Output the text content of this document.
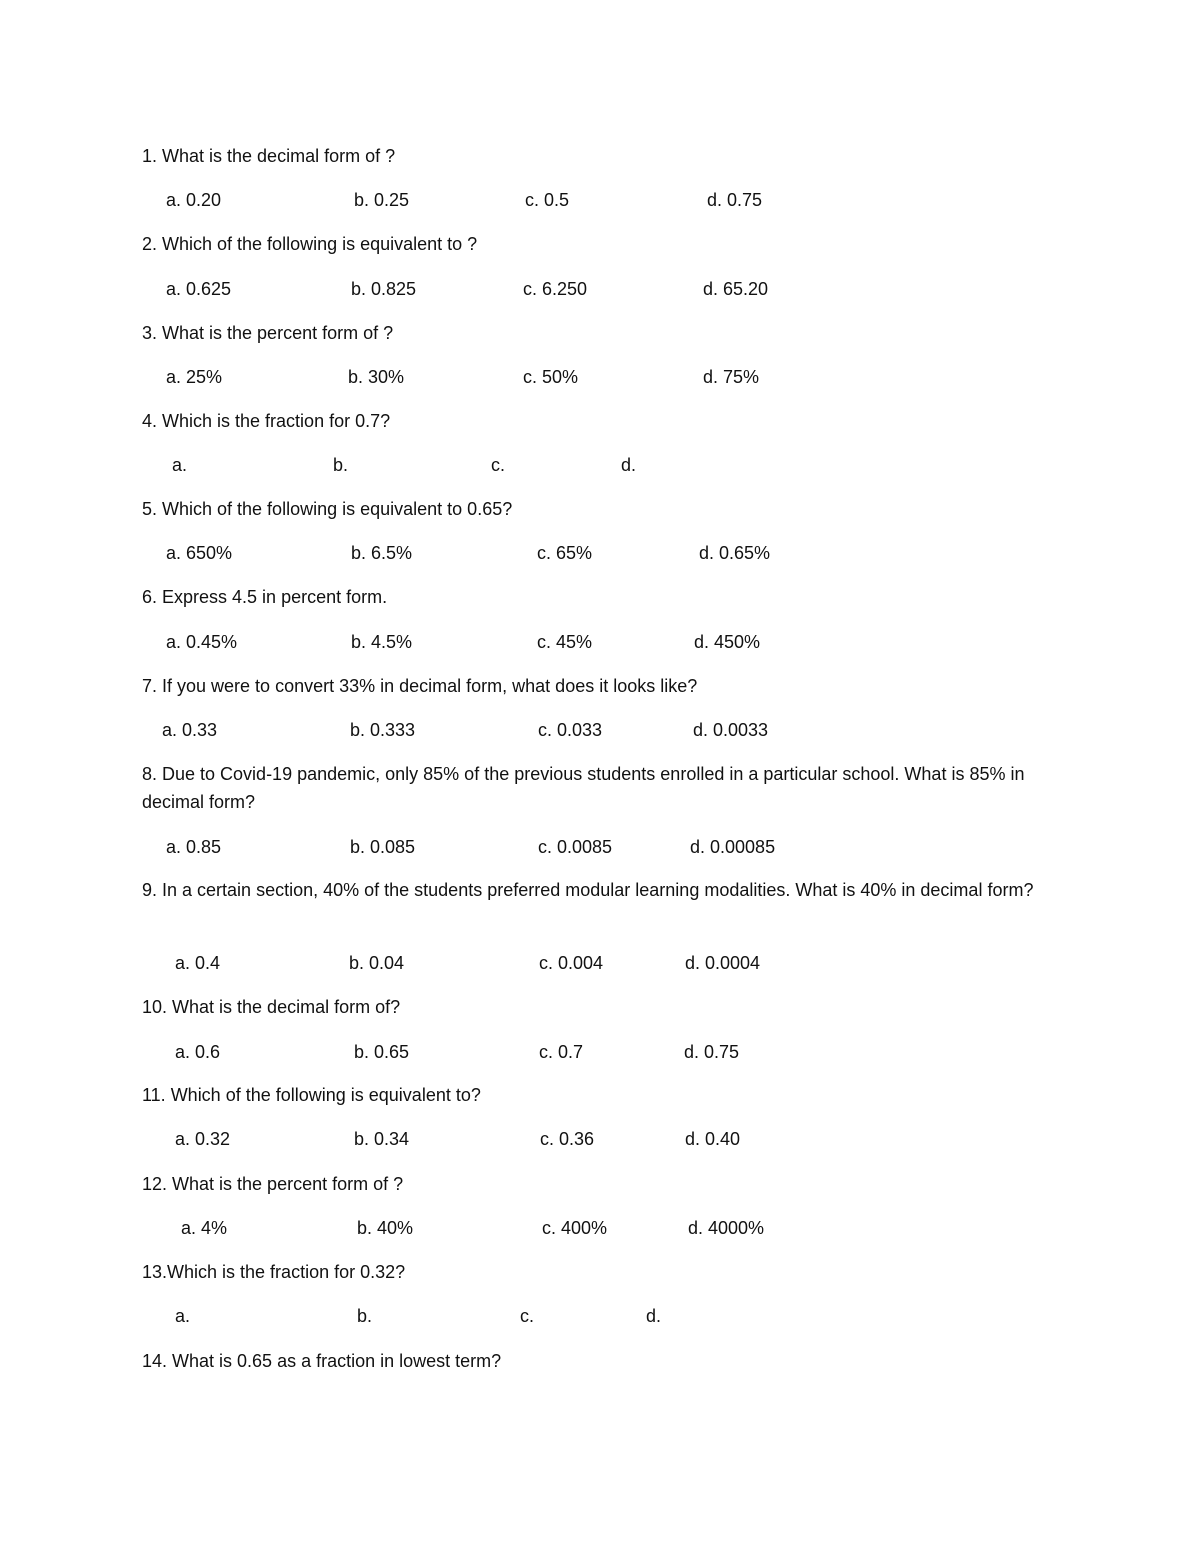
1. What is the decimal form of ?
a. 0.20	b. 0.25	c. 0.5	d. 0.75
2. Which of the following is equivalent to ?
a. 0.625	b. 0.825	c. 6.250	d. 65.20
3. What is the percent form of ?
a. 25%	b. 30%	c. 50%	d. 75%
4. Which is the fraction for 0.7?
a.	b.	c.	d.
5. Which of the following is equivalent to 0.65?
a. 650%	b. 6.5%	c. 65%	d. 0.65%
6. Express 4.5 in percent form.
a. 0.45%	b. 4.5%	c. 45%	d. 450%
7. If you were to convert 33% in decimal form, what does it looks like?
a. 0.33	b. 0.333	c. 0.033	d. 0.0033
8. Due to Covid-19 pandemic, only 85% of the previous students enrolled in a particular school. What is 85% in decimal form?
a. 0.85	b. 0.085	c. 0.0085	d. 0.00085
9. In a certain section, 40% of the students preferred modular learning modalities. What is 40% in decimal form?
a. 0.4	b. 0.04	c. 0.004	d. 0.0004
10. What is the decimal form of?
a. 0.6	b. 0.65	c. 0.7	d. 0.75
11. Which of the following is equivalent to?
a. 0.32	b. 0.34	c. 0.36	d. 0.40
12. What is the percent form of ?
a. 4%	b. 40%	c. 400%	d. 4000%
13.Which is the fraction for 0.32?
a.	b.	c.	d.
14. What is 0.65 as a fraction in lowest term?
